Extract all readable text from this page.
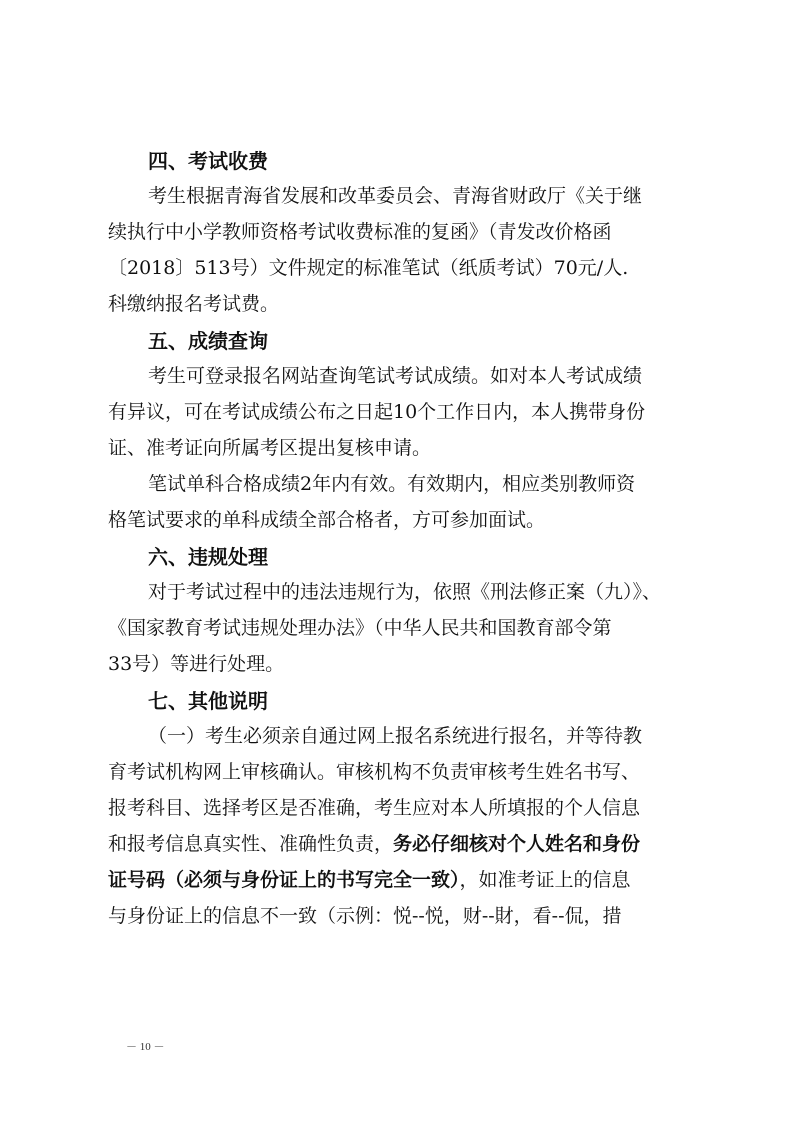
四、考试收费
考生根据青海省发展和改革委员会、青海省财政厅《关于继
续执行中小学教师资格考试收费标准的复函》（青发改价格函
〔2018〕513号）文件规定的标准笔试（纸质考试）70元/人.
科缴纳报名考试费。
五、成绩查询
考生可登录报名网站查询笔试考试成绩。如对本人考试成绩
有异议，可在考试成绩公布之日起10个工作日内，本人携带身份
证、准考证向所属考区提出复核申请。
笔试单科合格成绩2年内有效。有效期内，相应类别教师资
格笔试要求的单科成绩全部合格者，方可参加面试。
六、违规处理
对于考试过程中的违法违规行为，依照《刑法修正案（九）》、
《国家教育考试违规处理办法》（中华人民共和国教育部令第
33号）等进行处理。
七、其他说明
（一）考生必须亲自通过网上报名系统进行报名，并等待教
育考试机构网上审核确认。审核机构不负责审核考生姓名书写、
报考科目、选择考区是否准确，考生应对本人所填报的个人信息
和报考信息真实性、准确性负责，务必仔细核对个人姓名和身份
证号码（必须与身份证上的书写完全一致），如准考证上的信息
与身份证上的信息不一致（示例：悦--悦，财--財，看--侃，措
－ 10 －
